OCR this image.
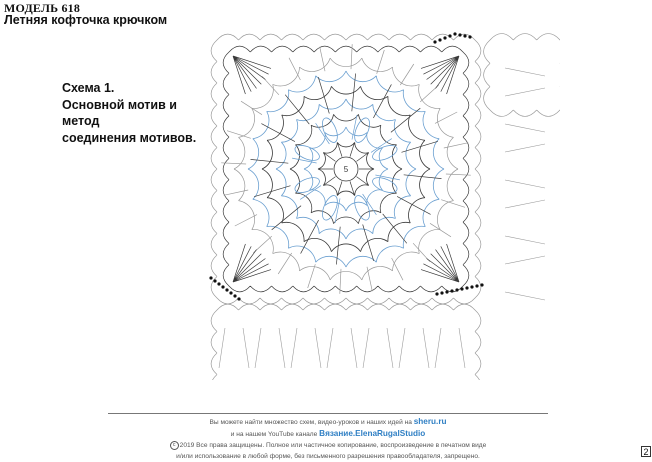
МОДЕЛЬ 618
Летняя кофточка крючком
Схема 1.
Основной мотив и
метод
соединения мотивов.
5
Вы можете найти множество схем, видео-уроков и наших идей на sheru.ru
и на нашем YouTube канале Вязание.ElenaRugalStudio
c 2019 Все права защищены. Полное или частичное копирование, воспроизведение в печатном виде
и/или использование в любой форме, без письменного разрешения правообладателя, запрещено.	2
